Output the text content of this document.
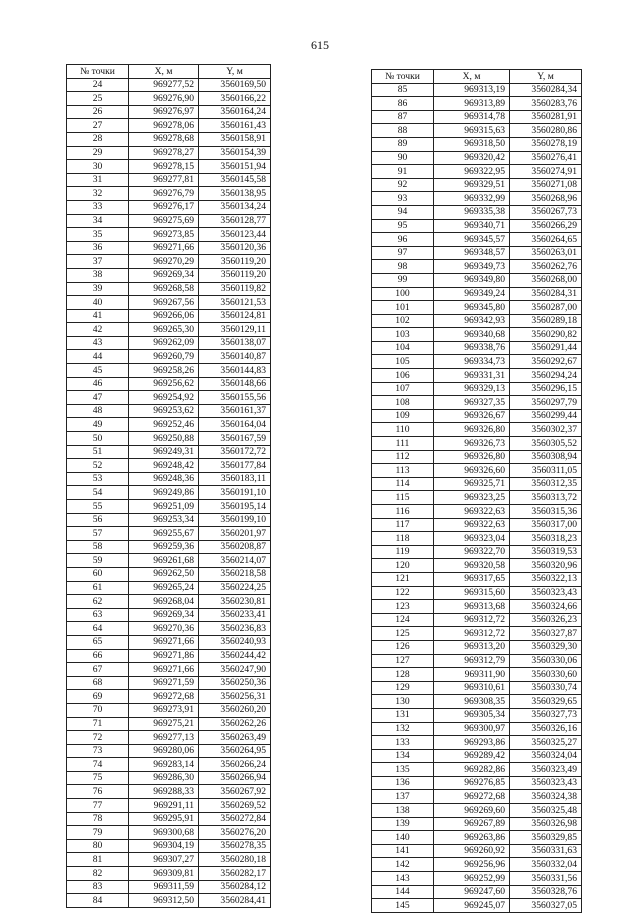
615
№ точки	X, м	Y, м
24	969277,52	3560169,50
25	969276,90	3560166,22
26	969276,97	3560164,24
27	969278,06	3560161,43
28	969278,68	3560158,91
29	969278,27	3560154,39
30	969278,15	3560151,94
31	969277,81	3560145,58
32	969276,79	3560138,95
33	969276,17	3560134,24
34	969275,69	3560128,77
35	969273,85	3560123,44
36	969271,66	3560120,36
37	969270,29	3560119,20
38	969269,34	3560119,20
39	969268,58	3560119,82
40	969267,56	3560121,53
41	969266,06	3560124,81
42	969265,30	3560129,11
43	969262,09	3560138,07
44	969260,79	3560140,87
45	969258,26	3560144,83
46	969256,62	3560148,66
47	969254,92	3560155,56
48	969253,62	3560161,37
49	969252,46	3560164,04
50	969250,88	3560167,59
51	969249,31	3560172,72
52	969248,42	3560177,84
53	969248,36	3560183,11
54	969249,86	3560191,10
55	969251,09	3560195,14
56	969253,34	3560199,10
57	969255,67	3560201,97
58	969259,36	3560208,87
59	969261,68	3560214,07
60	969262,50	3560218,58
61	969265,24	3560224,25
62	969268,04	3560230,81
63	969269,34	3560233,41
64	969270,36	3560236,83
65	969271,66	3560240,93
66	969271,86	3560244,42
67	969271,66	3560247,90
68	969271,59	3560250,36
69	969272,68	3560256,31
70	969273,91	3560260,20
71	969275,21	3560262,26
72	969277,13	3560263,49
73	969280,06	3560264,95
74	969283,14	3560266,24
75	969286,30	3560266,94
76	969288,33	3560267,92
77	969291,11	3560269,52
78	969295,91	3560272,84
79	969300,68	3560276,20
80	969304,19	3560278,35
81	969307,27	3560280,18
82	969309,81	3560282,17
83	969311,59	3560284,12
84	969312,50	3560284,41
№ точки	X, м	Y, м
85	969313,19	3560284,34
86	969313,89	3560283,76
87	969314,78	3560281,91
88	969315,63	3560280,86
89	969318,50	3560278,19
90	969320,42	3560276,41
91	969322,95	3560274,91
92	969329,51	3560271,08
93	969332,99	3560268,96
94	969335,38	3560267,73
95	969340,71	3560266,29
96	969345,57	3560264,65
97	969348,57	3560263,01
98	969349,73	3560262,76
99	969349,80	3560268,00
100	969349,24	3560284,31
101	969345,80	3560287,00
102	969342,93	3560289,18
103	969340,68	3560290,82
104	969338,76	3560291,44
105	969334,73	3560292,67
106	969331,31	3560294,24
107	969329,13	3560296,15
108	969327,35	3560297,79
109	969326,67	3560299,44
110	969326,80	3560302,37
111	969326,73	3560305,52
112	969326,80	3560308,94
113	969326,60	3560311,05
114	969325,71	3560312,35
115	969323,25	3560313,72
116	969322,63	3560315,36
117	969322,63	3560317,00
118	969323,04	3560318,23
119	969322,70	3560319,53
120	969320,58	3560320,96
121	969317,65	3560322,13
122	969315,60	3560323,43
123	969313,68	3560324,66
124	969312,72	3560326,23
125	969312,72	3560327,87
126	969313,20	3560329,30
127	969312,79	3560330,06
128	969311,90	3560330,60
129	969310,61	3560330,74
130	969308,35	3560329,65
131	969305,34	3560327,73
132	969300,97	3560326,16
133	969293,86	3560325,27
134	969289,42	3560324,04
135	969282,86	3560323,49
136	969276,85	3560323,43
137	969272,68	3560324,38
138	969269,60	3560325,48
139	969267,89	3560326,98
140	969263,86	3560329,85
141	969260,92	3560331,63
142	969256,96	3560332,04
143	969252,99	3560331,56
144	969247,60	3560328,76
145	969245,07	3560327,05
